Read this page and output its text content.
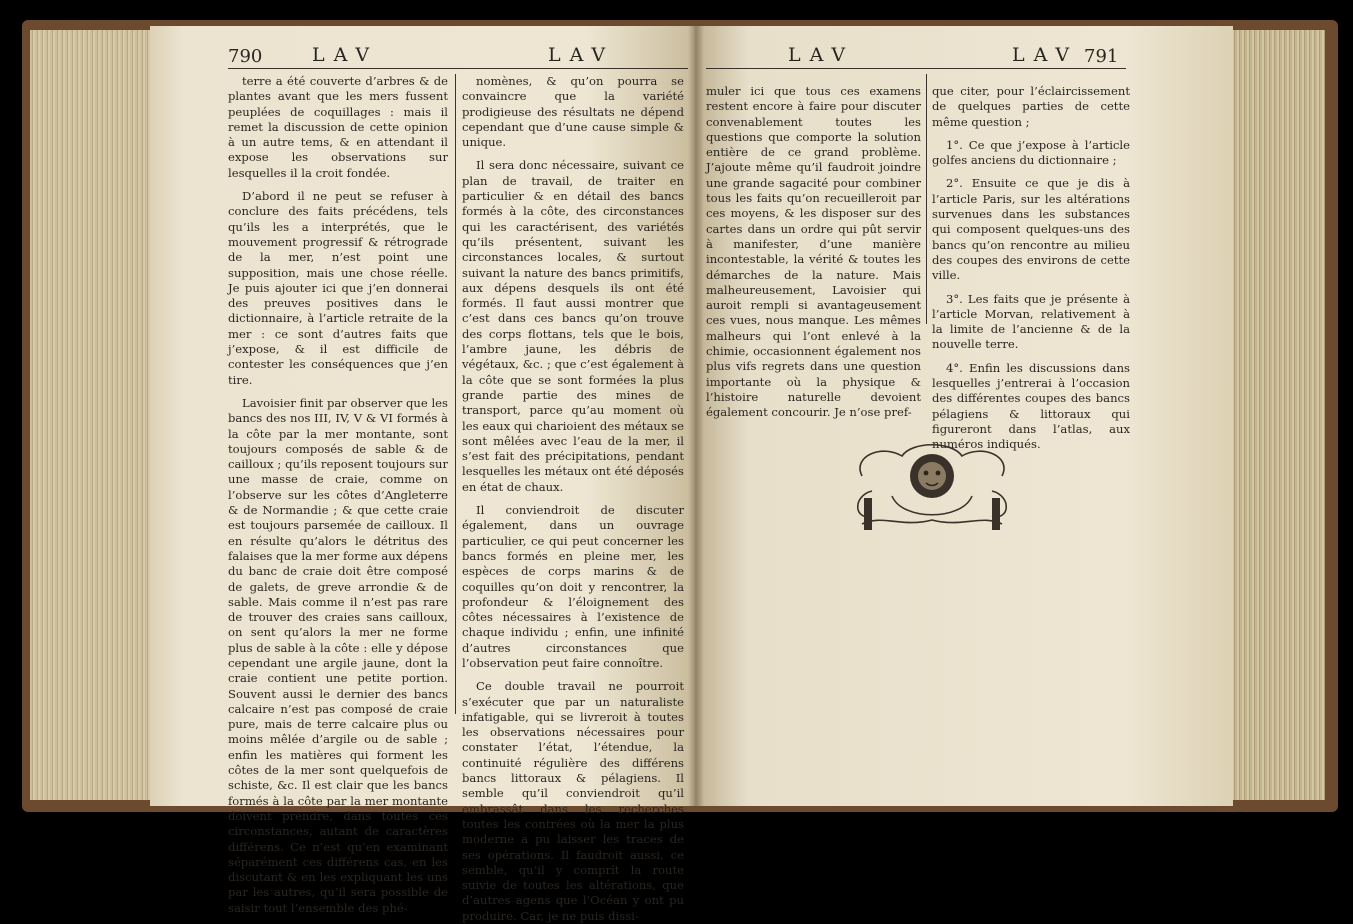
790	LAV	LAV	LAV	LAV 791

terre a été couverte d’arbres & de plantes avant que les mers fussent peuplées de coquillages : mais il remet la discussion de cette opinion à un autre tems, & en attendant il expose les observations sur lesquelles il la croit fondée.

D’abord il ne peut se refuser à conclure des faits précédens, tels qu’ils les a interprétés, que le mouvement progressif & rétrograde de la mer, n’est point une supposition, mais une chose réelle. Je puis ajouter ici que j’en donnerai des preuves positives dans le dictionnaire, à l’article retraite de la mer : ce sont d’autres faits que j’expose, & il est difficile de contester les conséquences que j’en tire.

Lavoisier finit par observer que les bancs des nos III, IV, V & VI formés à la côte par la mer montante, sont toujours composés de sable & de cailloux ; qu’ils reposent toujours sur une masse de craie, comme on l’observe sur les côtes d’Angleterre & de Normandie ; & que cette craie est toujours parsemée de cailloux. Il en résulte qu’alors le détritus des falaises que la mer forme aux dépens du banc de craie doit être composé de galets, de greve arrondie & de sable. Mais comme il n’est pas rare de trouver des craies sans cailloux, on sent qu’alors la mer ne forme plus de sable à la côte : elle y dépose cependant une argile jaune, dont la craie contient une petite portion. Souvent aussi le dernier des bancs calcaire n’est pas composé de craie pure, mais de terre calcaire plus ou moins mêlée d’argile ou de sable ; enfin les matières qui forment les côtes de la mer sont quelquefois de schiste, &c. Il est clair que les bancs formés à la côte par la mer montante doivent prendre, dans toutes ces circonstances, autant de caractères différens. Ce n’est qu’en examinant séparément ces différens cas, en les discutant & en les expliquant les uns par les autres, qu’il sera possible de saisir tout l’ensemble des phé-

nomènes, & qu’on pourra se convaincre que la variété prodigieuse des résultats ne dépend cependant que d’une cause simple & unique.

Il sera donc nécessaire, suivant ce plan de travail, de traiter en particulier & en détail des bancs formés à la côte, des circonstances qui les caractérisent, des variétés qu’ils présentent, suivant les circonstances locales, & surtout suivant la nature des bancs primitifs, aux dépens desquels ils ont été formés. Il faut aussi montrer que c’est dans ces bancs qu’on trouve des corps flottans, tels que le bois, l’ambre jaune, les débris de végétaux, &c. ; que c’est également à la côte que se sont formées la plus grande partie des mines de transport, parce qu’au moment où les eaux qui charioient des métaux se sont mêlées avec l’eau de la mer, il s’est fait des précipitations, pendant lesquelles les métaux ont été déposés en état de chaux.

Il conviendroit de discuter également, dans un ouvrage particulier, ce qui peut concerner les bancs formés en pleine mer, les espèces de corps marins & de coquilles qu’on doit y rencontrer, la profondeur & l’éloignement des côtes nécessaires à l’existence de chaque individu ; enfin, une infinité d’autres circonstances que l’observation peut faire connoître.

Ce double travail ne pourroit s’exécuter que par un naturaliste infatigable, qui se livreroit à toutes les observations nécessaires pour constater l’état, l’étendue, la continuité régulière des différens bancs littoraux & pélagiens. Il semble qu’il conviendroit qu’il embrassât dans les recherches toutes les contrées où la mer la plus moderne a pu laisser les traces de ses opérations. Il faudroit aussi, ce semble, qu’il y comprît la route suivie de toutes les altérations, que d’autres agens que l’Océan y ont pu produire. Car, je ne puis dissi-

muler ici que tous ces examens restent encore à faire pour discuter convenablement toutes les questions que comporte la solution entière de ce grand problème. J’ajoute même qu’il faudroit joindre une grande sagacité pour combiner tous les faits qu’on recueilleroit par ces moyens, & les disposer sur des cartes dans un ordre qui pût servir à manifester, d’une manière incontestable, la vérité & toutes les démarches de la nature. Mais malheureusement, Lavoisier qui auroit rempli si avantageusement ces vues, nous manque. Les mêmes malheurs qui l’ont enlevé à la chimie, occasionnent également nos plus vifs regrets dans une question importante où la physique & l’histoire naturelle devoient également concourir. Je n’ose pref-

que citer, pour l’éclaircissement de quelques parties de cette même question ;

1°. Ce que j’expose à l’article golfes anciens du dictionnaire ;

2°. Ensuite ce que je dis à l’article Paris, sur les altérations survenues dans les substances qui composent quelques-uns des bancs qu’on rencontre au milieu des coupes des environs de cette ville.

3°. Les faits que je présente à l’article Morvan, relativement à la limite de l’ancienne & de la nouvelle terre.

4°. Enfin les discussions dans lesquelles j’entrerai à l’occasion des différentes coupes des bancs pélagiens & littoraux qui figureront dans l’atlas, aux numéros indiqués.
